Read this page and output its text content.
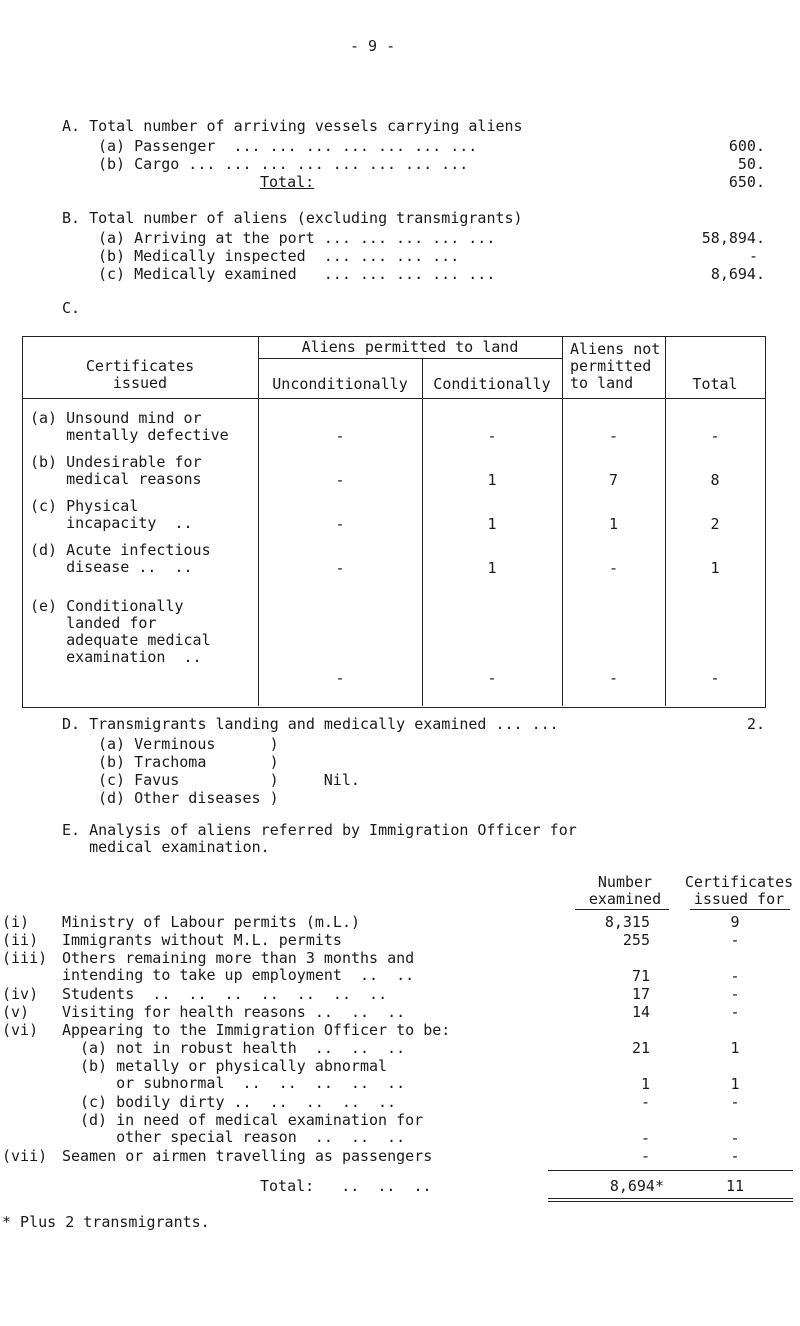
- 9 -
A. Total number of arriving vessels carrying aliens
(a) Passenger  ... ... ... ... ... ... ...	600.
(b) Cargo ... ... ... ... ... ... ... ...	50.
Total:	650.
B. Total number of aliens (excluding transmigrants)
(a) Arriving at the port ... ... ... ... ...	58,894.
(b) Medically inspected  ... ... ... ...	-
(c) Medically examined   ... ... ... ... ...	8,694.
C.
Certificates
issued
Aliens permitted to land
Unconditionally	Conditionally
Aliens not
permitted
to land	Total
(a) Unsound mind or
mentally defective	-	-	-	-
(b) Undesirable for
medical reasons	-	1	7	8
(c) Physical
incapacity  ..	-	1	1	2
(d) Acute infectious
disease ..  ..	-	1	-	1
(e) Conditionally
landed for
adequate medical
examination  ..
-	-	-	-
D. Transmigrants landing and medically examined ... ...	2.
(a) Verminous      )
(b) Trachoma       )
(c) Favus          )     Nil.
(d) Other diseases )
E. Analysis of aliens referred by Immigration Officer for
medical examination.
Number
examined
Certificates
issued for
(i) Ministry of Labour permits (m.L.)	8,315	9
(ii) Immigrants without M.L. permits	255	-
(iii) Others remaining more than 3 months and
intending to take up employment  ..  ..	71	-
(iv) Students  ..  ..  ..  ..  ..  ..  ..	17	-
(v) Visiting for health reasons ..  ..  ..	14	-
(vi) Appearing to the Immigration Officer to be:
(a) not in robust health  ..  ..  ..	21	1
(b) metally or physically abnormal
or subnormal  ..  ..  ..  ..  ..	1	1
(c) bodily dirty ..  ..  ..  ..  ..	-	-
(d) in need of medical examination for
other special reason  ..  ..  ..	-	-
(vii) Seamen or airmen travelling as passengers	-	-
Total:   ..  ..  ..	8,694*	11
* Plus 2 transmigrants.
